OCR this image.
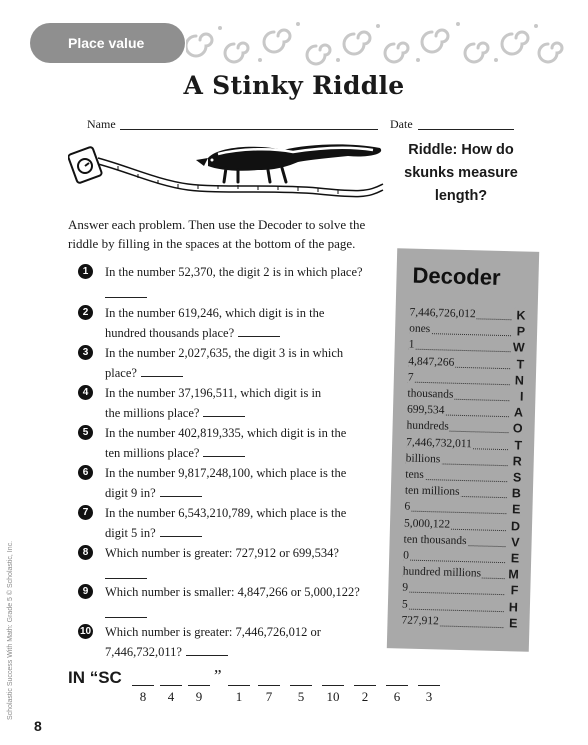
Place value
A Stinky Riddle
Name	Date
Riddle: How do skunks measure length?

Answer each problem. Then use the Decoder to solve the riddle by filling in the spaces at the bottom of the page.

1	In the number 52,370, the digit 2 is in which place?
2	In the number 619,246, which digit is in the hundred thousands place?
3	In the number 2,027,635, the digit 3 is in which place?
4	In the number 37,196,511, which digit is in the millions place?
5	In the number 402,819,335, which digit is in the ten millions place?
6	In the number 9,817,248,100, which place is the digit 9 in?
7	In the number 6,543,210,789, which place is the digit 5 in?
8	Which number is greater: 727,912 or 699,534?
9	Which number is smaller: 4,847,266 or 5,000,122?
10 Which number is greater: 7,446,726,012 or 7,446,732,011?
Decoder
7,446,726,012	K
ones	P
1	W
4,847,266	T
7	N
thousands	I
699,534	A
hundreds	O
7,446,732,011	T
billions	R
tens	S
ten millions	B
6	E
5,000,122	D
ten thousands	V
0	E
hundred millions M
9	F
5	H
727,912	E
IN “SC
8	4	9	1	7	5	10	2	6	3
”
Scholastic Success With Math: Grade 5 © Scholastic, Inc.
8
